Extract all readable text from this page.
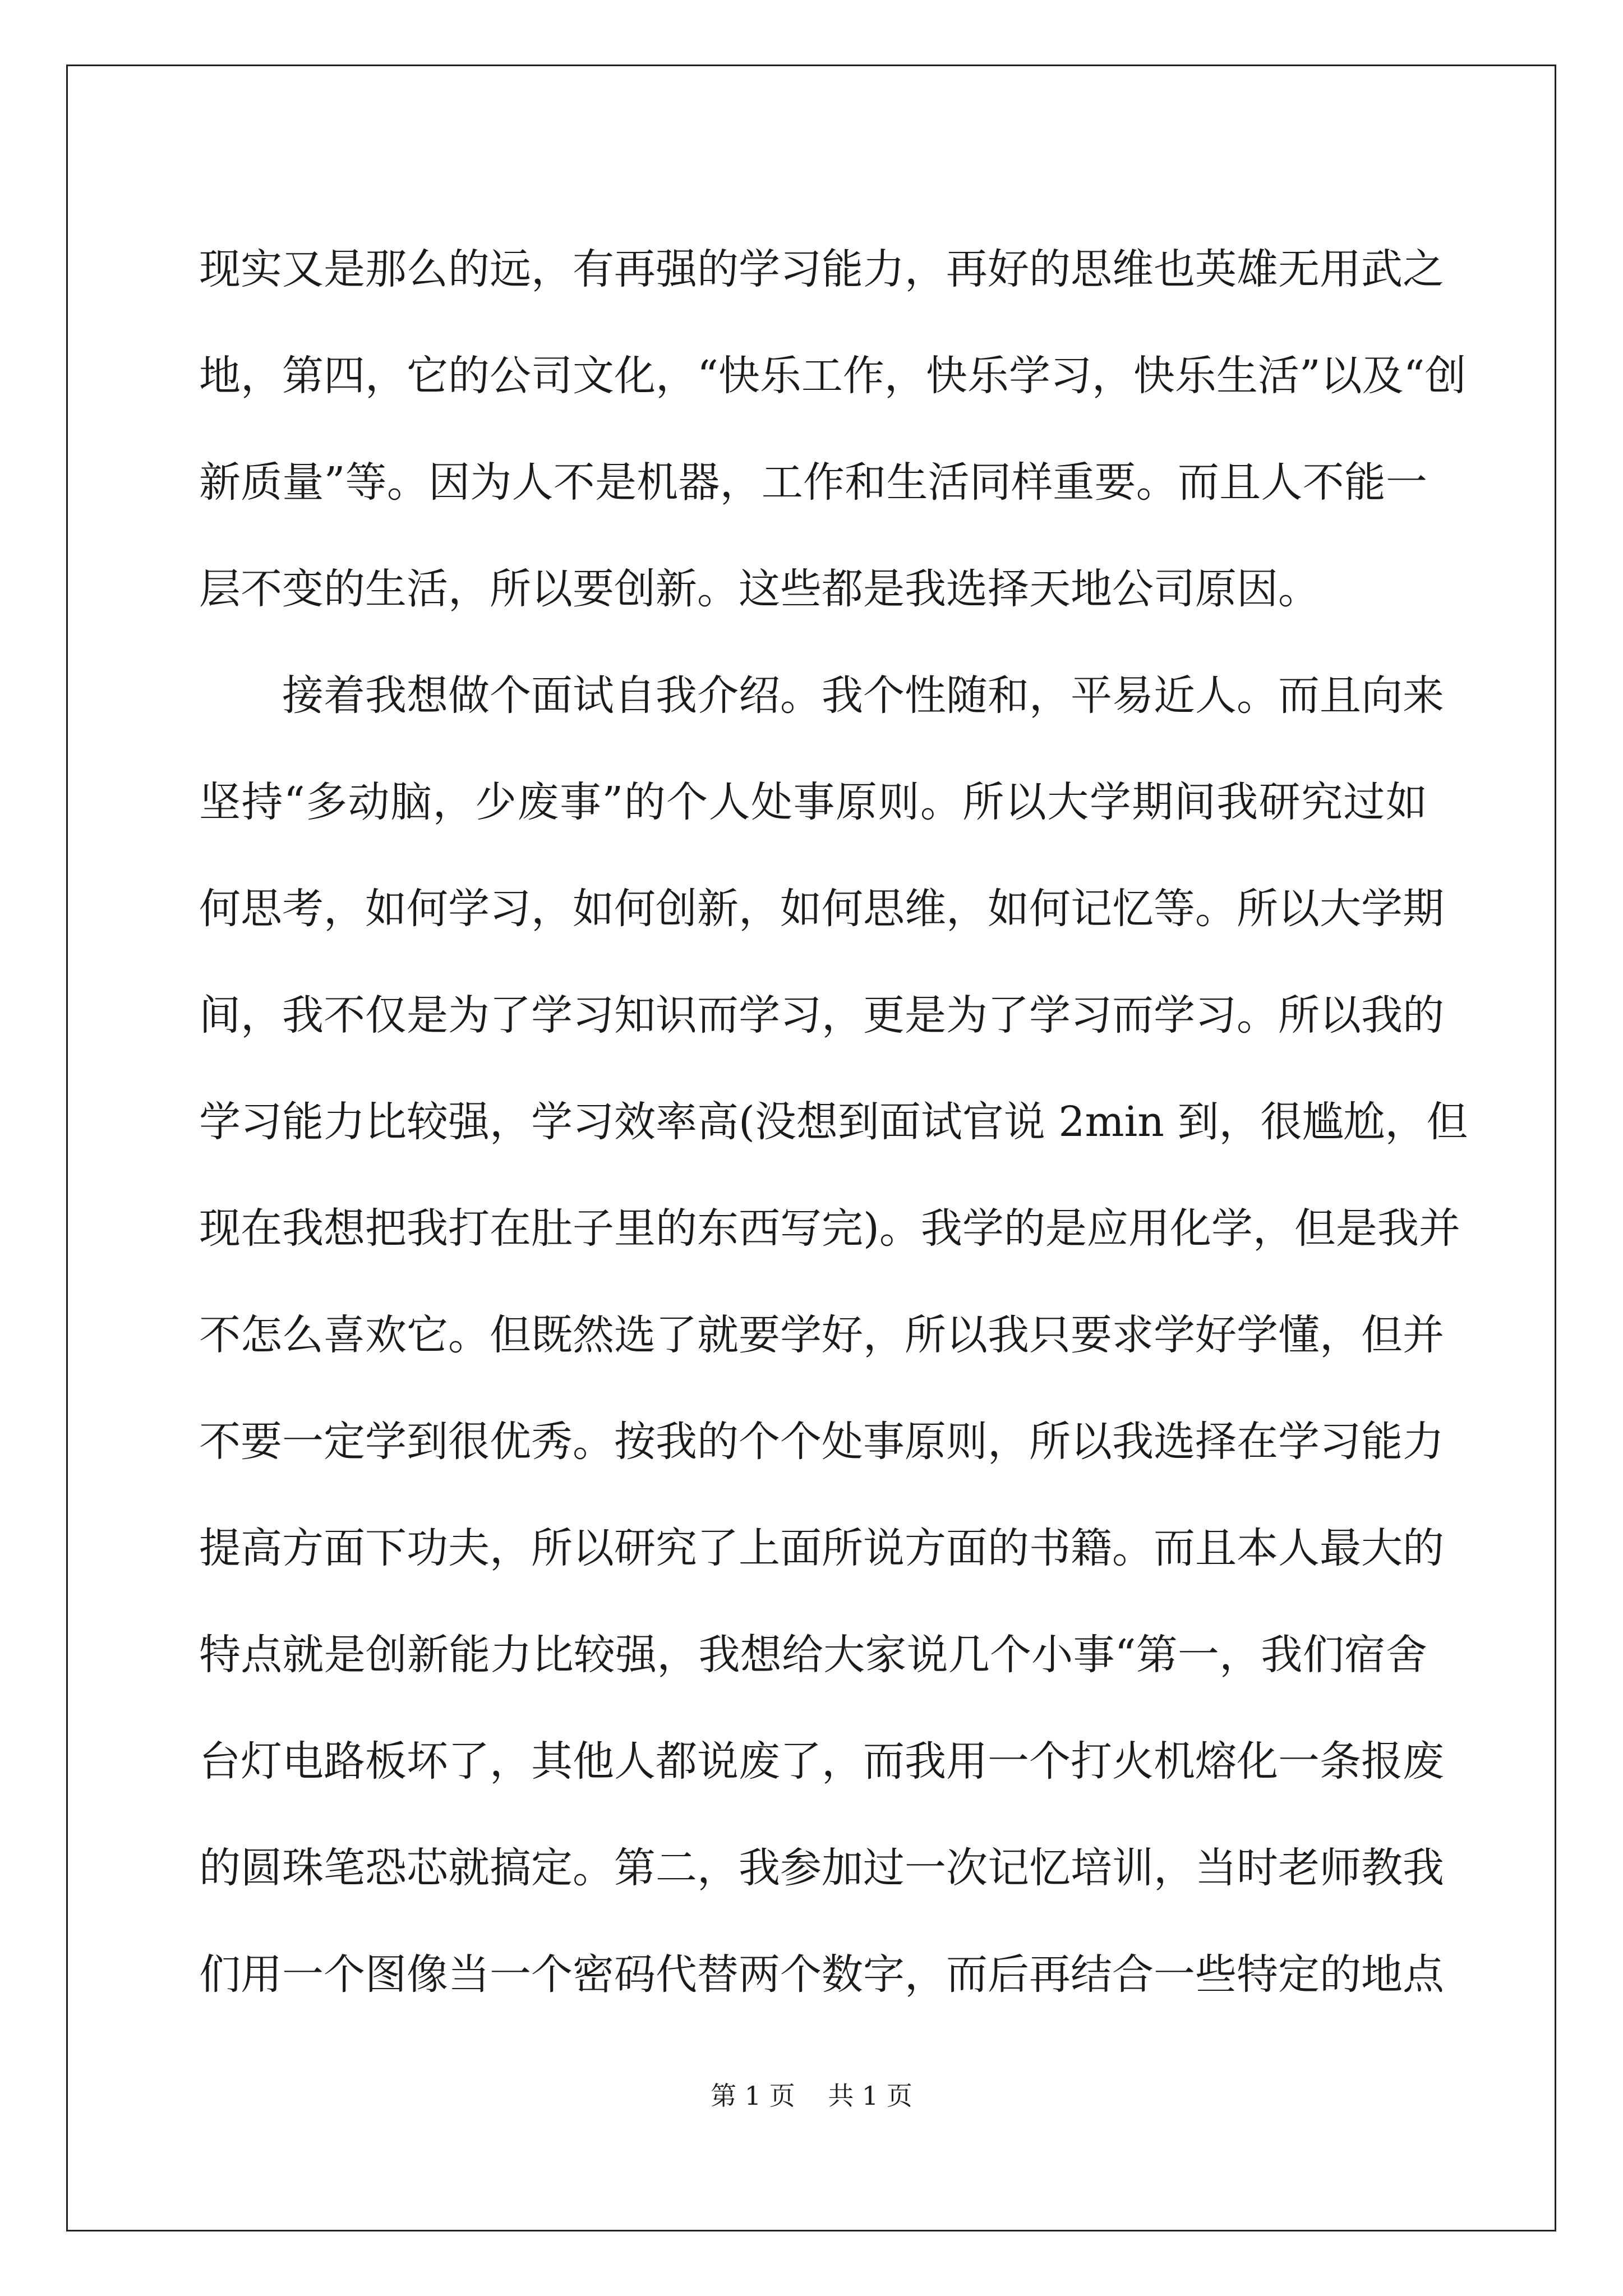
现实又是那么的远，有再强的学习能力，再好的思维也英雄无用武之
地，第四，它的公司文化，“快乐工作，快乐学习，快乐生活”以及“创
新质量”等。因为人不是机器，工作和生活同样重要。而且人不能一
层不变的生活，所以要创新。这些都是我选择天地公司原因。
　　接着我想做个面试自我介绍。我个性随和，平易近人。而且向来
坚持“多动脑，少废事”的个人处事原则。所以大学期间我研究过如
何思考，如何学习，如何创新，如何思维，如何记忆等。所以大学期
间，我不仅是为了学习知识而学习，更是为了学习而学习。所以我的
学习能力比较强，学习效率高(没想到面试官说 2min 到，很尴尬，但
现在我想把我打在肚子里的东西写完)。我学的是应用化学，但是我并
不怎么喜欢它。但既然选了就要学好，所以我只要求学好学懂，但并
不要一定学到很优秀。按我的个个处事原则，所以我选择在学习能力
提高方面下功夫，所以研究了上面所说方面的书籍。而且本人最大的
特点就是创新能力比较强，我想给大家说几个小事“第一，我们宿舍
台灯电路板坏了，其他人都说废了，而我用一个打火机熔化一条报废
的圆珠笔恐芯就搞定。第二，我参加过一次记忆培训，当时老师教我
们用一个图像当一个密码代替两个数字，而后再结合一些特定的地点
第 1 页 共 1 页
